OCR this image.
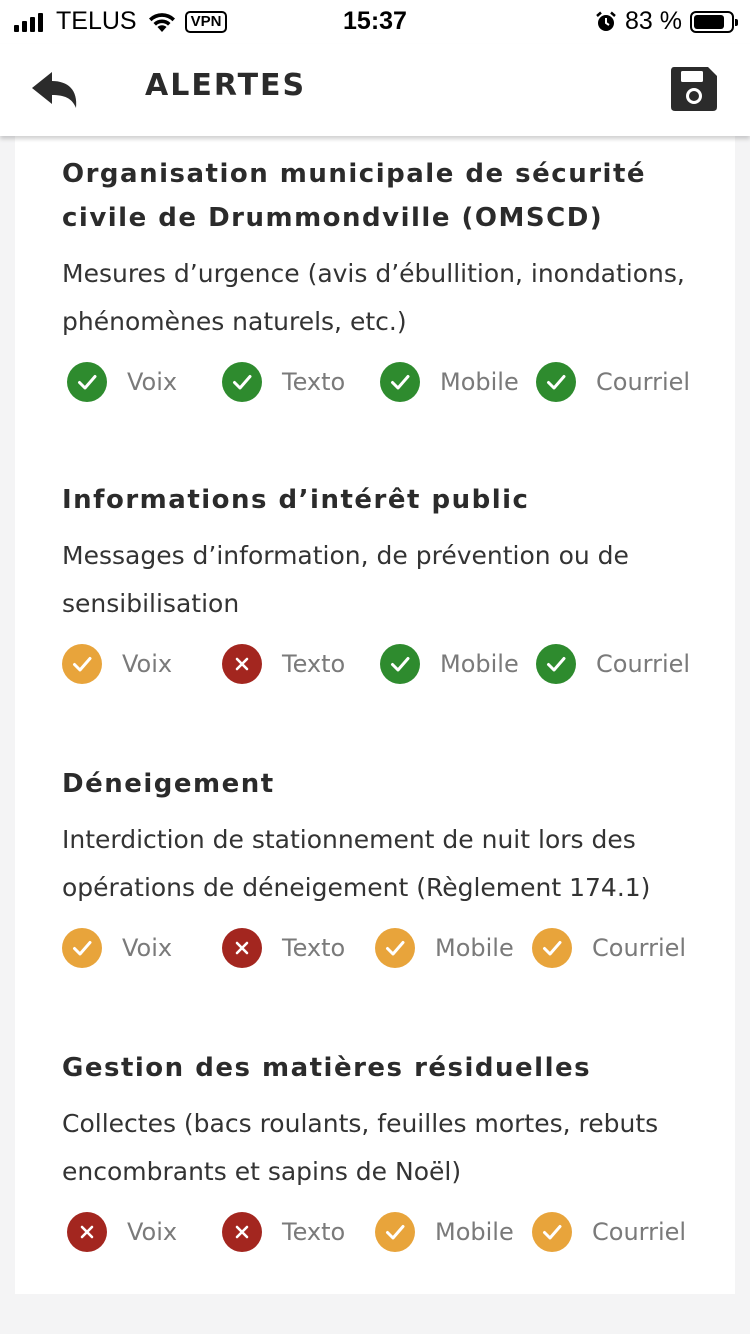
TELUS	VPN	15:37	83 %
ALERTES
Organisation municipale de sécurité civile de Drummondville (OMSCD)
Mesures d’urgence (avis d’ébullition, inondations, phénomènes naturels, etc.)
Voix	Texto	Mobile	Courriel
Informations d’intérêt public
Messages d’information, de prévention ou de sensibilisation
Voix	Texto	Mobile	Courriel
Déneigement
Interdiction de stationnement de nuit lors des opérations de déneigement (Règlement 174.1)
Voix	Texto	Mobile	Courriel
Gestion des matières résiduelles
Collectes (bacs roulants, feuilles mortes, rebuts encombrants et sapins de Noël)
Voix	Texto	Mobile	Courriel
